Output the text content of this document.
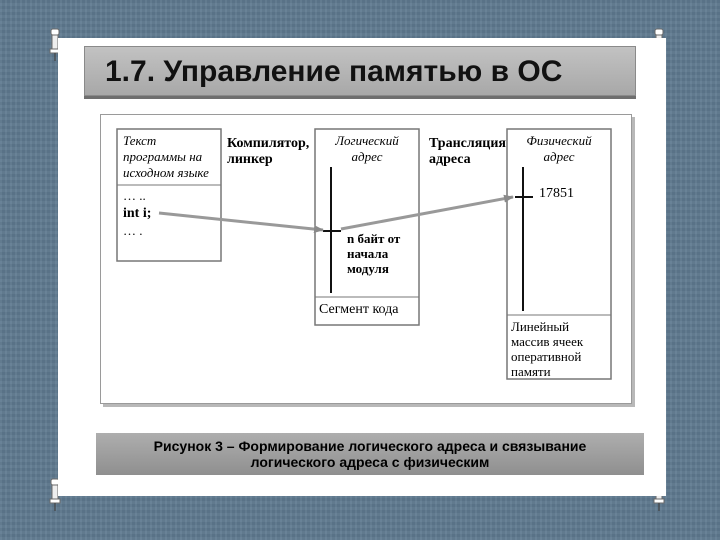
1.7. Управление памятью в ОС
Текст
программы на
исходном языке
… ..
int i;
… .
Компилятор,
линкер
Логический
адрес
n байт от
начала
модуля
Сегмент кода
Трансляция
адреса
Физический
адрес
17851
Линейный
массив ячеек
оперативной
памяти
Рисунок 3 – Формирование логического адреса и связывание
логического адреса с физическим
